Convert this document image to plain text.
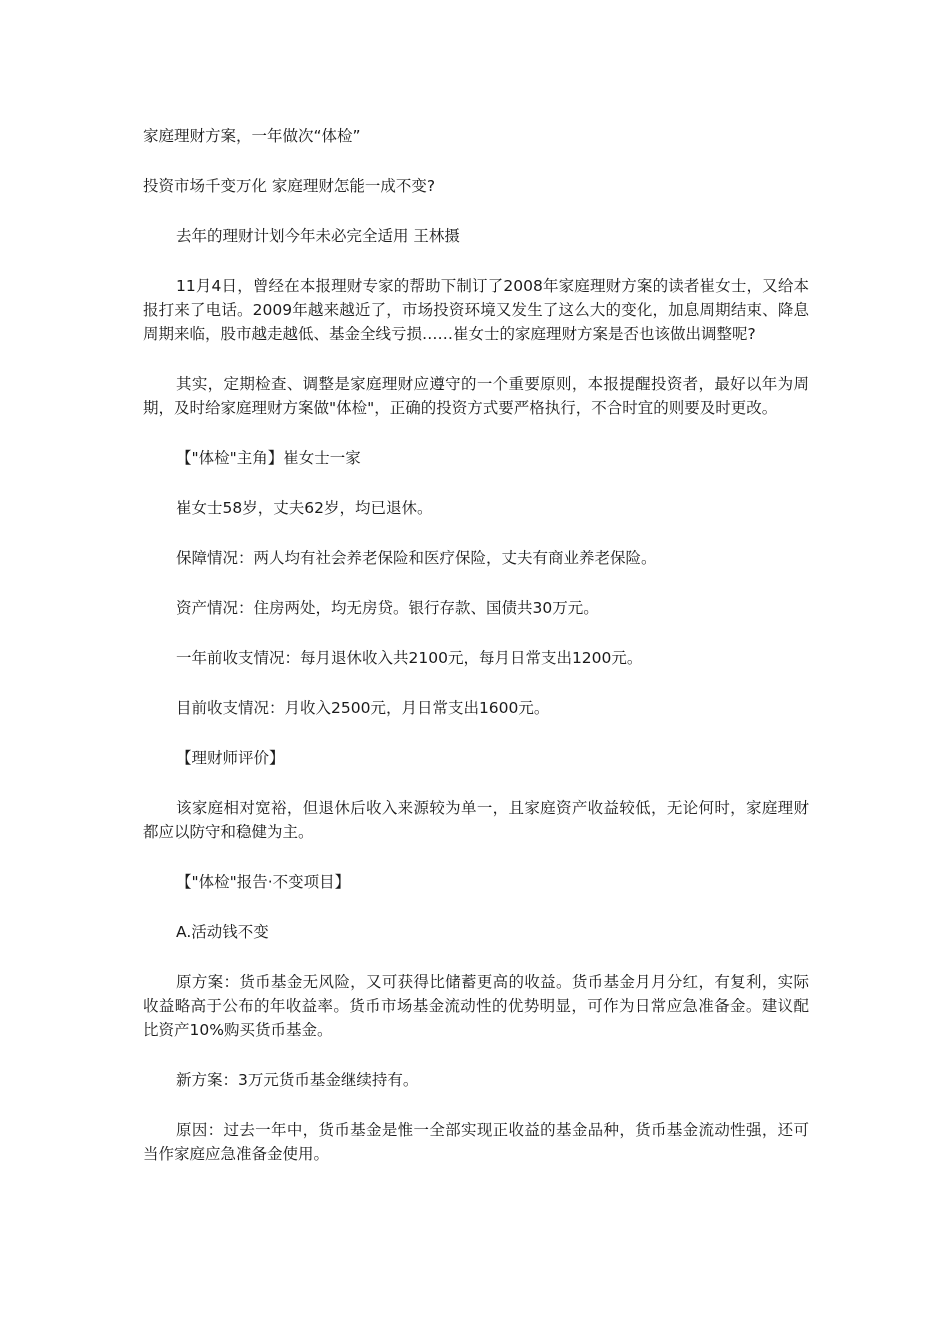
家庭理财方案，一年做次“体检”

投资市场千变万化 家庭理财怎能一成不变?

去年的理财计划今年未必完全适用 王林摄

11月4日，曾经在本报理财专家的帮助下制订了2008年家庭理财方案的读者崔女士，又给本报打来了电话。2009年越来越近了，市场投资环境又发生了这么大的变化，加息周期结束、降息周期来临，股市越走越低、基金全线亏损……崔女士的家庭理财方案是否也该做出调整呢?

其实，定期检查、调整是家庭理财应遵守的一个重要原则，本报提醒投资者，最好以年为周期，及时给家庭理财方案做"体检"，正确的投资方式要严格执行，不合时宜的则要及时更改。

【"体检"主角】崔女士一家

崔女士58岁，丈夫62岁，均已退休。

保障情况：两人均有社会养老保险和医疗保险，丈夫有商业养老保险。

资产情况：住房两处，均无房贷。银行存款、国债共30万元。

一年前收支情况：每月退休收入共2100元，每月日常支出1200元。

目前收支情况：月收入2500元，月日常支出1600元。

【理财师评价】

该家庭相对宽裕，但退休后收入来源较为单一，且家庭资产收益较低，无论何时，家庭理财都应以防守和稳健为主。

【"体检"报告·不变项目】

A.活动钱不变

原方案：货币基金无风险，又可获得比储蓄更高的收益。货币基金月月分红，有复利，实际收益略高于公布的年收益率。货币市场基金流动性的优势明显，可作为日常应急准备金。建议配比资产10%购买货币基金。

新方案：3万元货币基金继续持有。

原因：过去一年中，货币基金是惟一全部实现正收益的基金品种，货币基金流动性强，还可当作家庭应急准备金使用。
